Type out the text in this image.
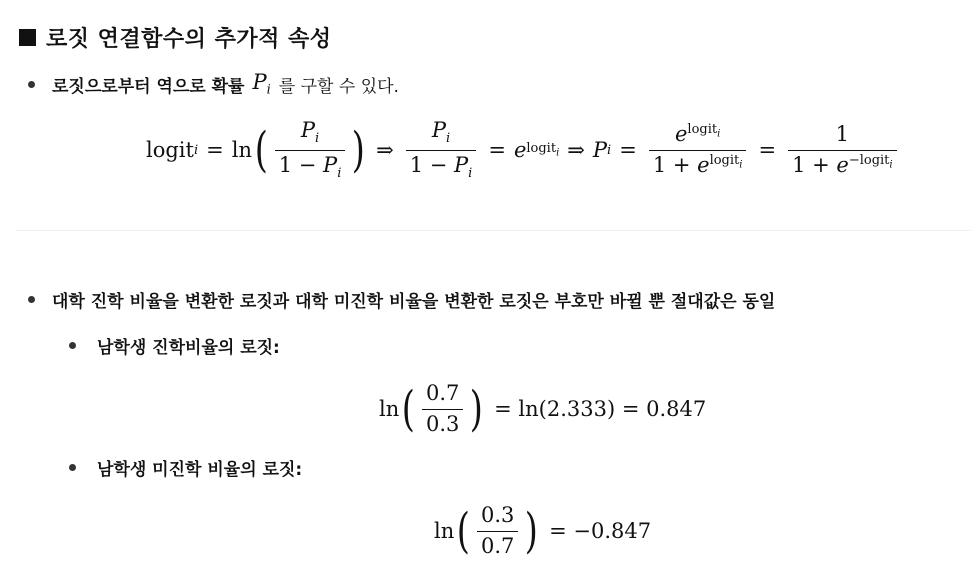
로짓 연결함수의 추가적 속성
로짓으로부터 역으로 확률 $P_i$ 를 구할 수 있다.
logit i = ln ( $\frac{P_i}{1 - P_i}$ ) ⇒ $\frac{P_i}{1 - P_i} = e$ logit$_i$ ⇒ P $i = \frac{e^{logit_i}}{1 + e^{logit_i}} = \frac{1}{1 + e^{-logit_i}}$
대학 진학 비율을 변환한 로짓과 대학 미진학 비율을 변환한 로짓은 부호만 바뀔 뿐 절대값은 동일
남학생 진학비율의 로짓:
ln ( $\frac{0.7}{0.3}$ ) = ln(2.333) = 0.847
남학생 미진학 비율의 로짓:
ln ( $\frac{0.3}{0.7}$ ) = −0.847
